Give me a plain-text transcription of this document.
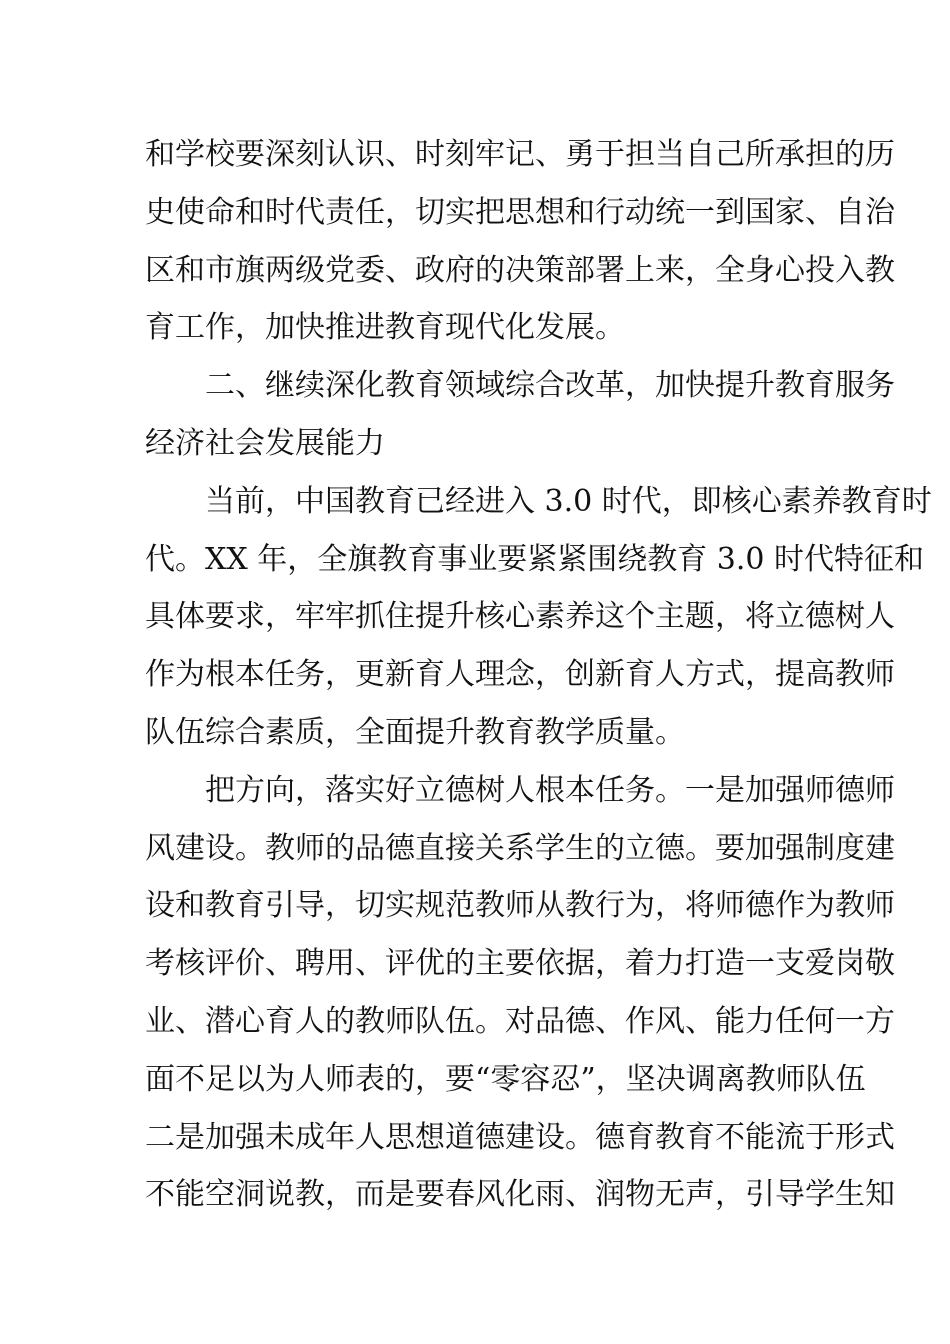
和学校要深刻认识、时刻牢记、勇于担当自己所承担的历
史使命和时代责任，切实把思想和行动统一到国家、自治
区和市旗两级党委、政府的决策部署上来，全身心投入教
育工作，加快推进教育现代化发展。
二、继续深化教育领域综合改革，加快提升教育服务
经济社会发展能力
当前，中国教育已经进入 3.0 时代，即核心素养教育时
代。XX 年，全旗教育事业要紧紧围绕教育 3.0 时代特征和
具体要求，牢牢抓住提升核心素养这个主题，将立德树人
作为根本任务，更新育人理念，创新育人方式，提高教师
队伍综合素质，全面提升教育教学质量。
把方向，落实好立德树人根本任务。一是加强师德师
风建设。教师的品德直接关系学生的立德。要加强制度建
设和教育引导，切实规范教师从教行为，将师德作为教师
考核评价、聘用、评优的主要依据，着力打造一支爱岗敬
业、潜心育人的教师队伍。对品德、作风、能力任何一方
面不足以为人师表的，要“零容忍”，坚决调离教师队伍
二是加强未成年人思想道德建设。德育教育不能流于形式
不能空洞说教，而是要春风化雨、润物无声，引导学生知
